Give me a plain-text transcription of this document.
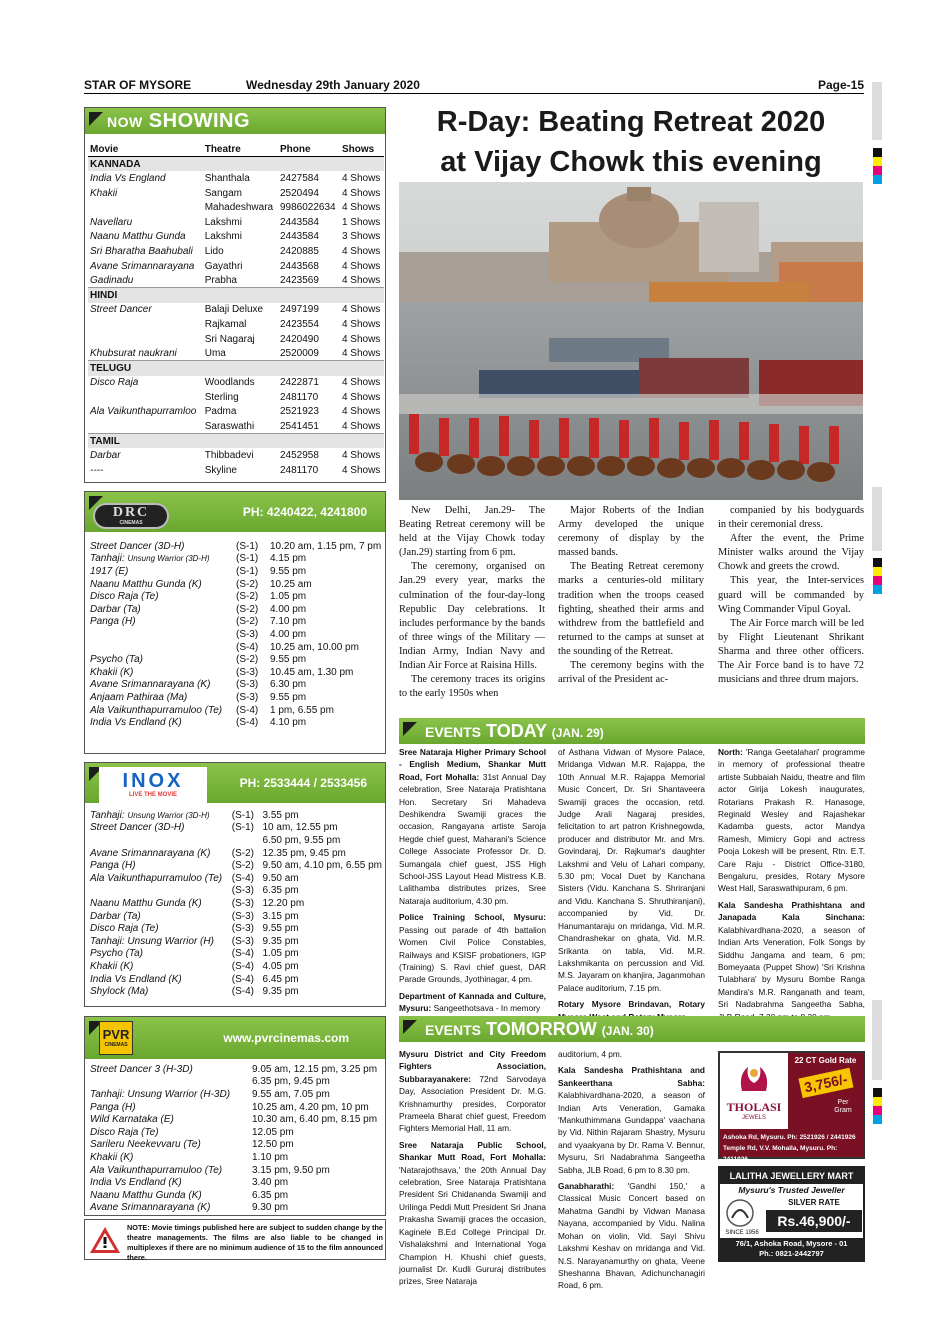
STAR OF MYSORE	Wednesday 29th January 2020	Page-15
NOW SHOWING
Movie	Theatre	Phone	Shows
KANNADA			
India Vs England	Shanthala	2427584	4 Shows
Khakii	Sangam	2520494	4 Shows
	Mahadeshwara	9986022634	4 Shows
Navellaru	Lakshmi	2443584	1 Shows
Naanu Matthu Gunda	Lakshmi	2443584	3 Shows
Sri Bharatha Baahubali	Lido	2420885	4 Shows
Avane Srimannarayana	Gayathri	2443568	4 Shows
Gadinadu	Prabha	2423569	4 Shows
HINDI			
Street Dancer	Balaji Deluxe	2497199	4 Shows
	Rajkamal	2423554	4 Shows
	Sri Nagaraj	2420490	4 Shows
Khubsurat naukrani	Uma	2520009	4 Shows
TELUGU			
Disco Raja	Woodlands	2422871	4 Shows
	Sterling	2481170	4 Shows
Ala Vaikunthapurramloo	Padma	2521923	4 Shows
	Saraswathi	2541451	4 Shows
TAMIL			
Darbar	Thibbadevi	2452958	4 Shows
----	Skyline	2481170	4 Shows
DRC
CINEMAS
PH: 4240422, 4241800
Street Dancer (3D-H)	(S-1)	10.20 am, 1.15 pm, 7 pm
Tanhaji: Unsung Warrior (3D-H)	(S-1)	4.15 pm
1917 (E)	(S-1)	9.55 pm
Naanu Matthu Gunda (K)	(S-2)	10.25 am
Disco Raja (Te)	(S-2)	1.05 pm
Darbar (Ta)	(S-2)	4.00 pm
Panga (H)	(S-2)	7.10 pm
	(S-3)	4.00 pm
	(S-4)	10.25 am, 10.00 pm
Psycho (Ta)	(S-2)	9.55 pm
Khakii (K)	(S-3)	10.45 am, 1.30 pm
Avane Srimannarayana (K)	(S-3)	6.30 pm
Anjaam Pathiraa (Ma)	(S-3)	9.55 pm
Ala Vaikunthapurramuloo (Te)	(S-4)	1 pm, 6.55 pm
India Vs Endland (K)	(S-4)	4.10 pm
INOX
LIVE THE MOVIE
PH: 2533444 / 2533456
Tanhaji: Unsung Warrior (3D-H)	(S-1)	3.55 pm
Street Dancer (3D-H)	(S-1)	10 am, 12.55 pm
		6.50 pm, 9.55 pm
Avane Srimannarayana (K)	(S-2)	12.35 pm, 9.45 pm
Panga (H)	(S-2)	9.50 am, 4.10 pm, 6.55 pm
Ala Vaikunthapurramuloo (Te)	(S-4)	9.50 am
	(S-3)	6.35 pm
Naanu Matthu Gunda (K)	(S-3)	12.20 pm
Darbar (Ta)	(S-3)	3.15 pm
Disco Raja (Te)	(S-3)	9.55 pm
Tanhaji: Unsung Warrior (H)	(S-3)	9.35 pm
Psycho (Ta)	(S-4)	1.05 pm
Khakii (K)	(S-4)	4.05 pm
India Vs Endland (K)	(S-4)	6.45 pm
Shylock (Ma)	(S-4)	9.35 pm
PVR
CINEMAS	www.pvrcinemas.com
Street Dancer 3 (H-3D)	9.05 am, 12.15 pm, 3.25 pm
	6.35 pm, 9.45 pm
Tanhaji: Unsung Warrior (H-3D)	9.55 am, 7.05 pm
Panga (H)	10.25 am, 4.20 pm, 10 pm
Wild Karnataka (E)	10.30 am, 6.40 pm, 8.15 pm
Disco Raja (Te)	12.05 pm
Sarileru Neekevvaru (Te)	12.50 pm
Khakii (K)	1.10 pm
Ala Vaikunthapurramuloo (Te)	3.15 pm, 9.50 pm
India Vs Endland (K)	3.40 pm
Naanu Matthu Gunda (K)	6.35 pm
Avane Srimannarayana (K)	9.30 pm
NOTE: Movie timings published here are subject to sudden change by the theatre managements. The films are also liable to be changed in multiplexes if there are no minimum audience of 15 to the film announced there.
R-Day: Beating Retreat 2020
at Vijay Chowk this evening

New Delhi, Jan.29- The Beating Retreat ceremony will be held at the Vijay Chowk today (Jan.29) starting from 6 pm.

The ceremony, organised on Jan.29 every year, marks the culmination of the four-day-long Republic Day celebrations. It includes performance by the bands of three wings of the Military — Indian Army, Indian Navy and Indian Air Force at Raisina Hills.

The ceremony traces its origins to the early 1950s when

Major Roberts of the Indian Army developed the unique ceremony of display by the massed bands.

The Beating Retreat ceremony marks a centuries-old military tradition when the troops ceased fighting, sheathed their arms and withdrew from the battlefield and returned to the camps at sunset at the sounding of the Retreat.

The ceremony begins with the arrival of the President ac-

companied by his bodyguards in their ceremonial dress.

After the event, the Prime Minister walks around the Vijay Chowk and greets the crowd.

This year, the Inter-services guard will be commanded by Wing Commander Vipul Goyal.

The Air Force march will be led by Flight Lieutenant Shrikant Sharma and three other officers. The Air Force band is to have 72 musicians and three drum majors.

EVENTS TODAY (JAN. 29)

Sree Nataraja Higher Primary School - English Medium, Shankar Mutt Road, Fort Mohalla: 31st Annual Day celebration, Sree Nataraja Pratishtana Hon. Secretary Sri Mahadeva Deshikendra Swamiji graces the occasion, Rangayana artiste Saroja Hegde chief guest, Maharani's Science College Associate Professor Dr. D. Sumangala chief guest, JSS High School-JSS Layout Head Mistress K.B. Lalithamba distributes prizes, Sree Nataraja auditorium, 4.30 pm.

Police Training School, Mysuru: Passing out parade of 4th battalion Women Civil Police Constables, Railways and KSISF probationers, IGP (Training) S. Ravi chief guest, DAR Parade Grounds, Jyothinagar, 4 pm.

Department of Kannada and Culture, Mysuru: Sangeethotsava - In memory

of Asthana Vidwan of Mysore Palace, Mridanga Vidwan M.R. Rajappa, the 10th Annual M.R. Rajappa Memorial Music Concert, Dr. Sri Shantaveera Swamiji graces the occasion, retd. Judge Arali Nagaraj presides, felicitation to art patron Krishnegowda, producer and distributor Mr. and Mrs. Govindaraj, Dr. Rajkumar's daughter Lakshmi and Velu of Lahari company, 5.30 pm; Vocal Duet by Kanchana Sisters (Vidu. Kanchana S. Shriranjani and Vidu. Kanchana S. Shruthiranjani), accompanied by Vid. Dr. Hanumantaraju on mridanga, Vid. M.R. Chandrashekar on ghata, Vid. M.R. Srikanta on tabla, Vid. M.R. Lakshmikanta on percussion and Vid. M.S. Jayaram on khanjira, Jaganmohan Palace auditorium, 7.15 pm.

Rotary Mysore Brindavan, Rotary

North: 'Ranga Geetalahari' programme in memory of professional theatre artiste Subbaiah Naidu, theatre and film actor Girija Lokesh inaugurates, Rotarians Prakash R. Hanasoge, Reginald Wesley and Rajashekar Kadamba guests, actor Mandya Ramesh, Mimicry Gopi and actress Pooja Lokesh will be present, Rtn. E.T. Care Raju - District Office-3180, Bengaluru, presides, Rotary Mysore West Hall, Saraswathipuram, 6 pm.

Kala Sandesha Prathishtana and Janapada Kala Sinchana: Kalabhivardhana-2020, a season of Indian Arts Veneration, Folk Songs by Siddhu Jangama and team, 6 pm; Bomeyaata (Puppet Show) 'Sri Krishna Tulabhara' by Mysuru Bombe Ranga Mandira's M.R. Ranganath and team, Sri Nadabrahma Sangeetha Sabha,

EVENTS TOMORROW (JAN. 30)

Mysuru District and City Freedom Fighters Association, Subbarayanakere: 72nd Sarvodaya Day, Association President Dr. M.G. Krishnamurthy presides, Corporator Prameela Bharat chief guest, Freedom Fighters Memorial Hall, 11 am.

Sree Nataraja Public School, Shankar Mutt Road, Fort Mohalla: 'Natarajothsava,' the 20th Annual Day celebration, Sree Nataraja Pratishtana President Sri Chidananda Swamiji and Urilinga Peddi Mutt President Sri Jnana Prakasha Swamiji graces the occasion, Kaginele B.Ed College Principal Dr. Vishalakshmi and International Yoga Champion H. Khushi chief guests, journalist Dr. Kudli Gururaj distributes prizes, Sree Nataraja

auditorium, 4 pm.

Kala Sandesha Prathishtana and Sankeerthana Sabha: Kalabhivardhana-2020, a season of Indian Arts Veneration, Gamaka 'Mankuthimmana Gundappa' vaachana by Vid. Nithin Rajaram Shastry, Mysuru and vyaakyana by Dr. Rama V. Bennur, Mysuru, Sri Nadabrahma Sangeetha Sabha, JLB Road, 6 pm to 8.30 pm.

Ganabharathi: 'Gandhi 150,' a Classical Music Concert based on Mahatma Gandhi by Vidwan Manasa Nayana, accompanied by Vidu. Nalina Mohan on violin, Vid. Sayi Shivu Lakshmi Keshav on mridanga and Vid. N.S. Narayanamurthy on ghata, Veene Sheshanna Bhavan, Adichunchanagiri Road, 6 pm.

THOLASI
JEWELS
22 CT Gold Rate
3,756/-
Per Gram
Ashoka Rd, Mysuru. Ph: 2521926 / 2441926
Temple Rd, V.V. Mohalla, Mysuru. Ph: 2411926
LALITHA JEWELLERY MART
Mysuru's Trusted Jeweller
SINCE 1956
SILVER RATE
Rs.46,900/-
76/1, Ashoka Road, Mysore - 01
Ph.: 0821-2442797
